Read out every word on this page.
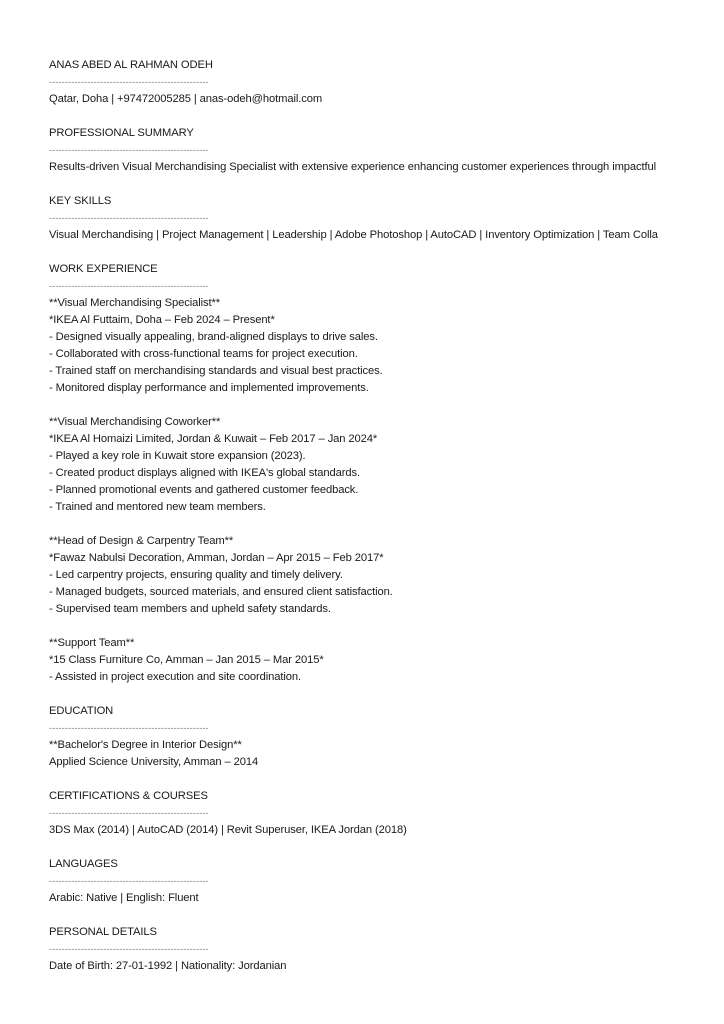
ANAS ABED AL RAHMAN ODEH
--------------------------------------------------
Qatar, Doha | +97472005285 | anas-odeh@hotmail.com
PROFESSIONAL SUMMARY
--------------------------------------------------
Results-driven Visual Merchandising Specialist with extensive experience enhancing customer experiences through impactful
KEY SKILLS
--------------------------------------------------
Visual Merchandising | Project Management | Leadership | Adobe Photoshop | AutoCAD | Inventory Optimization | Team Colla
WORK EXPERIENCE
--------------------------------------------------
**Visual Merchandising Specialist**
*IKEA Al Futtaim, Doha – Feb 2024 – Present*
- Designed visually appealing, brand-aligned displays to drive sales.
- Collaborated with cross-functional teams for project execution.
- Trained staff on merchandising standards and visual best practices.
- Monitored display performance and implemented improvements.
**Visual Merchandising Coworker**
*IKEA Al Homaizi Limited, Jordan & Kuwait – Feb 2017 – Jan 2024*
- Played a key role in Kuwait store expansion (2023).
- Created product displays aligned with IKEA's global standards.
- Planned promotional events and gathered customer feedback.
- Trained and mentored new team members.
**Head of Design & Carpentry Team**
*Fawaz Nabulsi Decoration, Amman, Jordan – Apr 2015 – Feb 2017*
- Led carpentry projects, ensuring quality and timely delivery.
- Managed budgets, sourced materials, and ensured client satisfaction.
- Supervised team members and upheld safety standards.
**Support Team**
*15 Class Furniture Co, Amman – Jan 2015 – Mar 2015*
- Assisted in project execution and site coordination.
EDUCATION
--------------------------------------------------
**Bachelor's Degree in Interior Design**
Applied Science University, Amman – 2014
CERTIFICATIONS & COURSES
--------------------------------------------------
3DS Max (2014) | AutoCAD (2014) | Revit Superuser, IKEA Jordan (2018)
LANGUAGES
--------------------------------------------------
Arabic: Native | English: Fluent
PERSONAL DETAILS
--------------------------------------------------
Date of Birth: 27-01-1992 | Nationality: Jordanian
